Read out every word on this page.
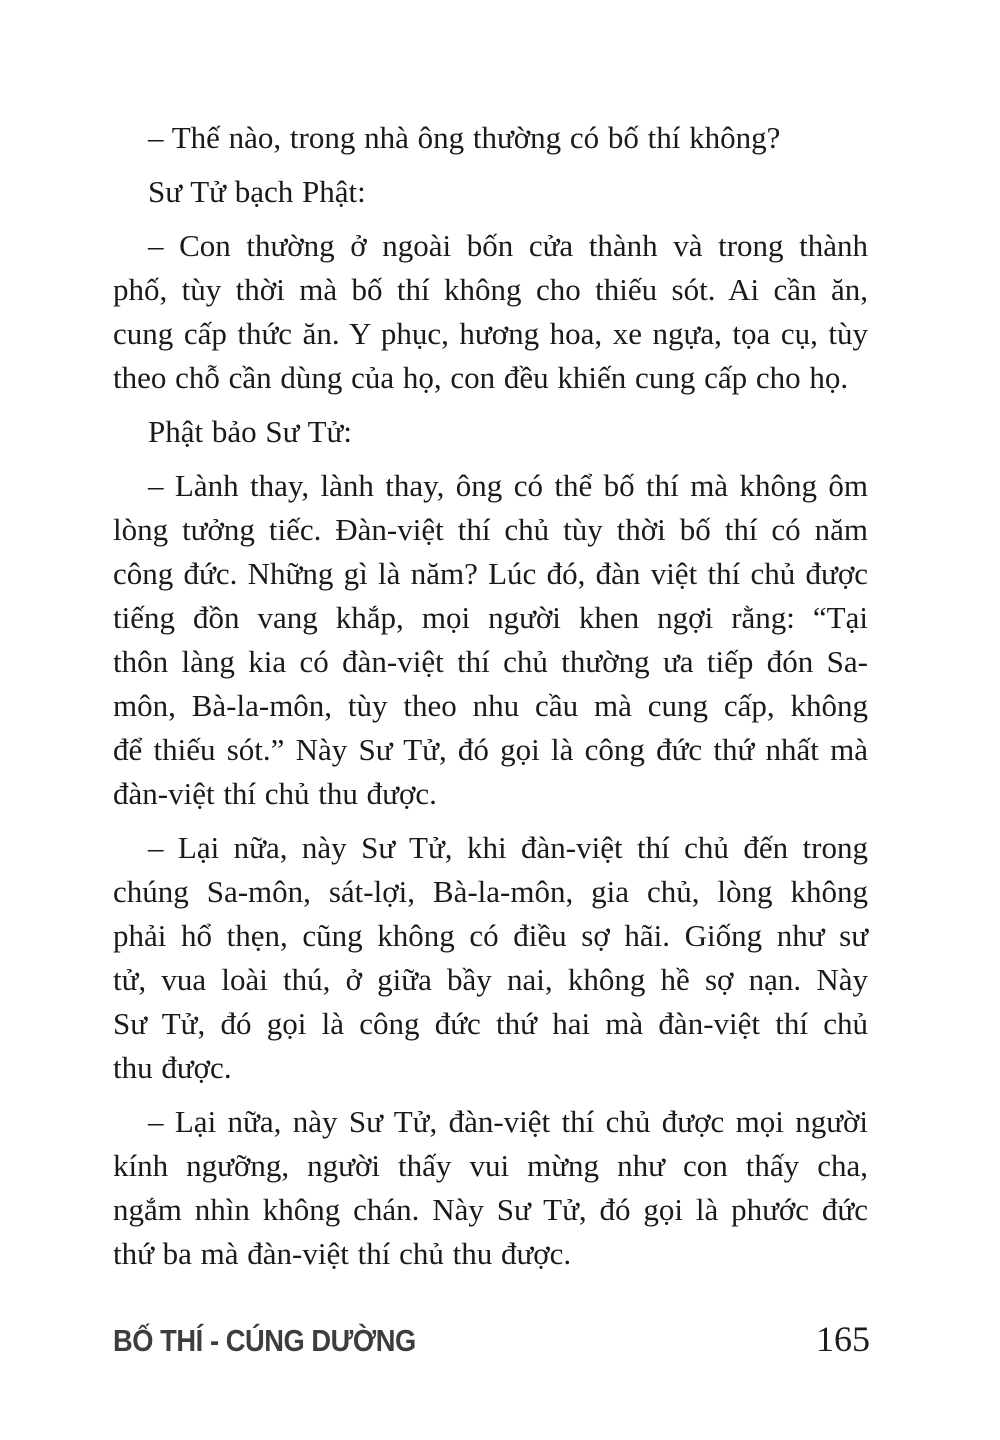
– Thế nào, trong nhà ông thường có bố thí không?
Sư Tử bạch Phật:
– Con thường ở ngoài bốn cửa thành và trong thành
phố, tùy thời mà bố thí không cho thiếu sót. Ai cần ăn,
cung cấp thức ăn. Y phục, hương hoa, xe ngựa, tọa cụ, tùy
theo chỗ cần dùng của họ, con đều khiến cung cấp cho họ.
Phật bảo Sư Tử:
– Lành thay, lành thay, ông có thể bố thí mà không ôm
lòng tưởng tiếc. Đàn-việt thí chủ tùy thời bố thí có năm
công đức. Những gì là năm? Lúc đó, đàn việt thí chủ được
tiếng đồn vang khắp, mọi người khen ngợi rằng: “Tại
thôn làng kia có đàn-việt thí chủ thường ưa tiếp đón Sa-
môn, Bà-la-môn, tùy theo nhu cầu mà cung cấp, không
để thiếu sót.” Này Sư Tử, đó gọi là công đức thứ nhất mà
đàn-việt thí chủ thu được.
– Lại nữa, này Sư Tử, khi đàn-việt thí chủ đến trong
chúng Sa-môn, sát-lợi, Bà-la-môn, gia chủ, lòng không
phải hổ thẹn, cũng không có điều sợ hãi. Giống như sư
tử, vua loài thú, ở giữa bầy nai, không hề sợ nạn. Này
Sư Tử, đó gọi là công đức thứ hai mà đàn-việt thí chủ
thu được.
– Lại nữa, này Sư Tử, đàn-việt thí chủ được mọi người
kính ngưỡng, người thấy vui mừng như con thấy cha,
ngắm nhìn không chán. Này Sư Tử, đó gọi là phước đức
thứ ba mà đàn-việt thí chủ thu được.
BỐ THÍ - CÚNG DƯỜNG	165
